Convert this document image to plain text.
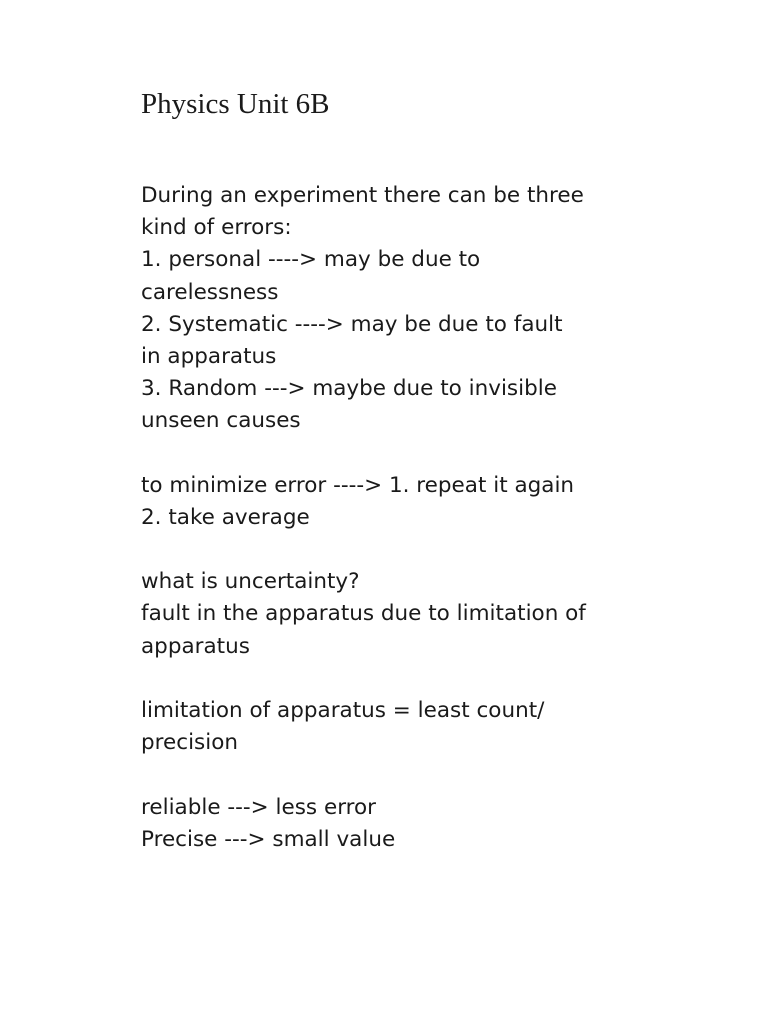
Physics Unit 6B
During an experiment there can be three
kind of errors:
1. personal ----> may be due to
carelessness
2. Systematic ----> may be due to fault
in apparatus
3. Random ---> maybe due to invisible
unseen causes
to minimize error ----> 1. repeat it again
2. take average
what is uncertainty?
fault in the apparatus due to limitation of
apparatus
limitation of apparatus = least count/
precision
reliable ---> less error
Precise ---> small value
